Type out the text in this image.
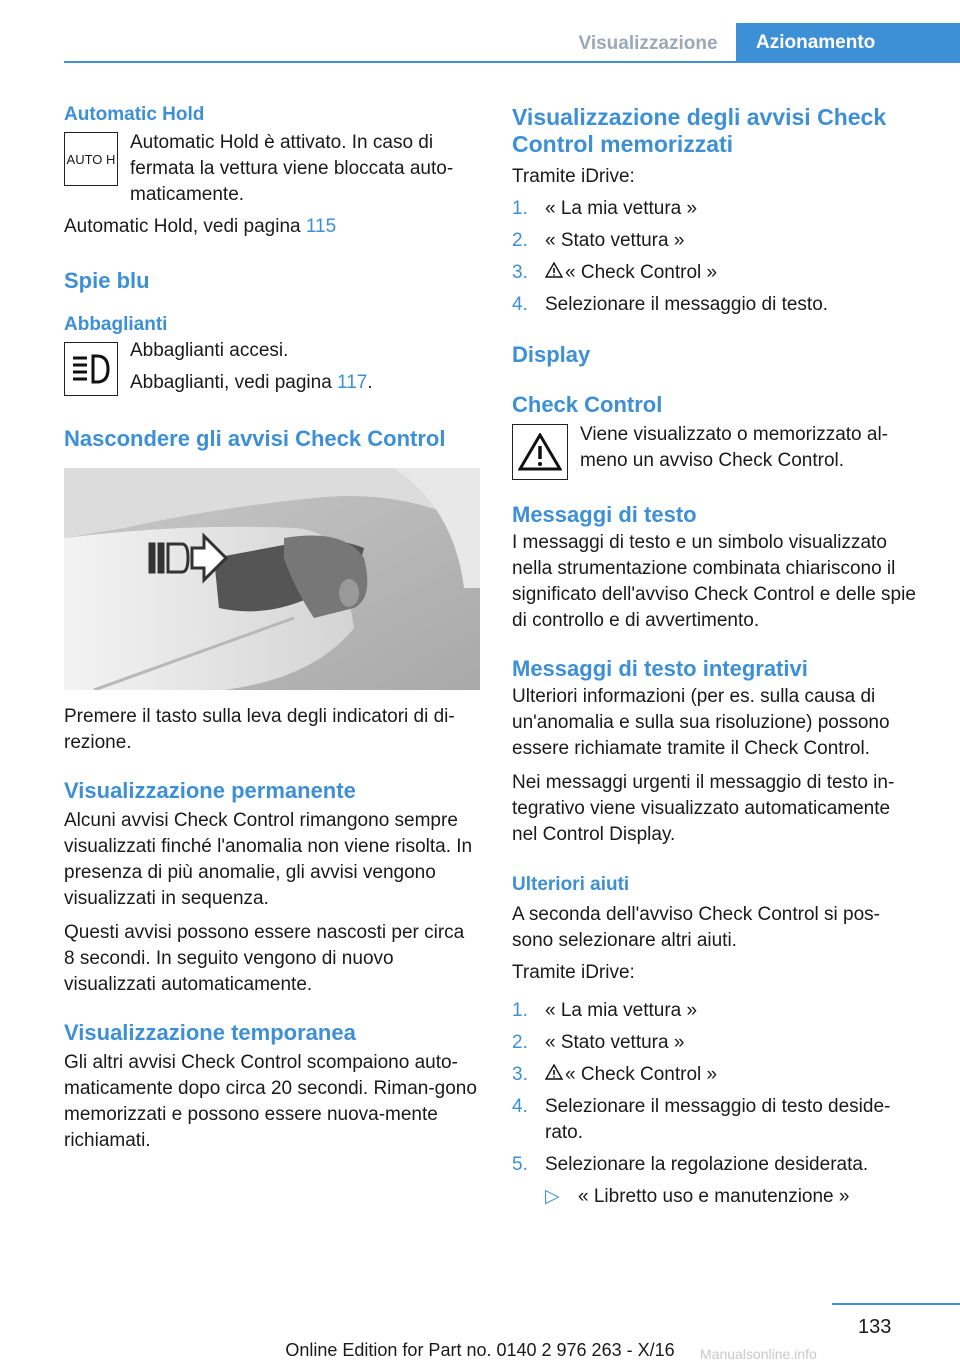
Visualizzazione	Azionamento
Automatic Hold
AUTO H

Automatic Hold è attivato. In caso di fermata la vettura viene bloccata auto-maticamente.

Automatic Hold, vedi pagina 115

Spie blu
Abbaglianti

Abbaglianti accesi.

Abbaglianti, vedi pagina 117.

Nascondere gli avvisi Check Control

Premere il tasto sulla leva degli indicatori di di-rezione.

Visualizzazione permanente

Alcuni avvisi Check Control rimangono sempre visualizzati finché l'anomalia non viene risolta. In presenza di più anomalie, gli avvisi vengono visualizzati in sequenza.

Questi avvisi possono essere nascosti per circa 8 secondi. In seguito vengono di nuovo visualizzati automaticamente.

Visualizzazione temporanea

Gli altri avvisi Check Control scompaiono auto-maticamente dopo circa 20 secondi. Riman-gono memorizzati e possono essere nuova-mente richiamati.

Visualizzazione degli avvisi Check Control memorizzati

Tramite iDrive:

1. « La mia vettura »
2. « Stato vettura »
3.	« Check Control »
4. Selezionare il messaggio di testo.
Display
Check Control

Viene visualizzato o memorizzato al-meno un avviso Check Control.

Messaggi di testo

I messaggi di testo e un simbolo visualizzato nella strumentazione combinata chiariscono il significato dell'avviso Check Control e delle spie di controllo e di avvertimento.

Messaggi di testo integrativi

Ulteriori informazioni (per es. sulla causa di un'anomalia e sulla sua risoluzione) possono essere richiamate tramite il Check Control.

Nei messaggi urgenti il messaggio di testo in-tegrativo viene visualizzato automaticamente nel Control Display.

Ulteriori aiuti

A seconda dell'avviso Check Control si pos-sono selezionare altri aiuti.

Tramite iDrive:

1. « La mia vettura »
2. « Stato vettura »
3.	« Check Control »
4. Selezionare il messaggio di testo deside-rato.
5. Selezionare la regolazione desiderata.
▷ « Libretto uso e manutenzione »
133
Online Edition for Part no. 0140 2 976 263 - X/16	Manualsonline.info
